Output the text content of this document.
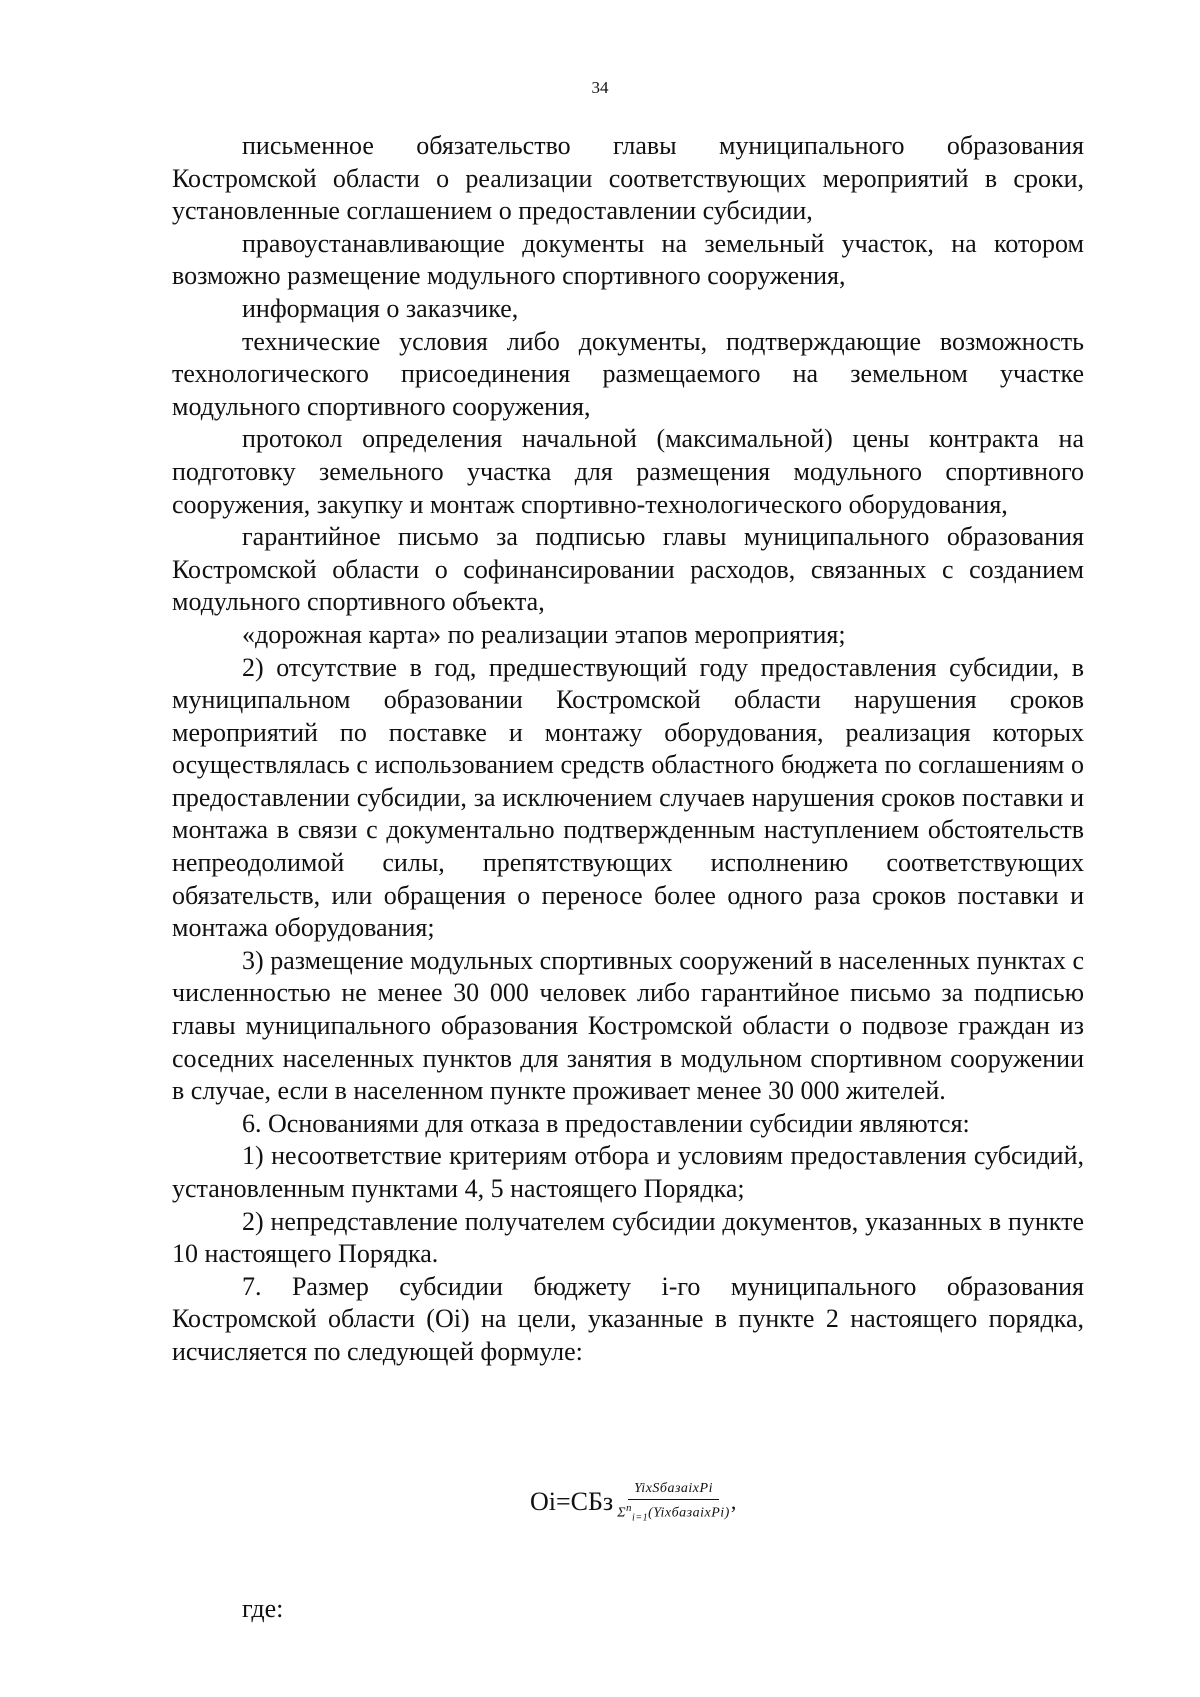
34

письменное обязательство главы муниципального образования Костромской области о реализации соответствующих мероприятий в сроки, установленные соглашением о предоставлении субсидии,

правоустанавливающие документы на земельный участок, на котором возможно размещение модульного спортивного сооружения,

информация о заказчике,

технические условия либо документы, подтверждающие возможность технологического присоединения размещаемого на земельном участке модульного спортивного сооружения,

протокол определения начальной (максимальной) цены контракта на подготовку земельного участка для размещения модульного спортивного сооружения, закупку и монтаж спортивно-технологического оборудования,

гарантийное письмо за подписью главы муниципального образования Костромской области о софинансировании расходов, связанных с созданием модульного спортивного объекта,

«дорожная карта» по реализации этапов мероприятия;

2) отсутствие в год, предшествующий году предоставления субсидии, в муниципальном образовании Костромской области нарушения сроков мероприятий по поставке и монтажу оборудования, реализация которых осуществлялась с использованием средств областного бюджета по соглашениям о предоставлении субсидии, за исключением случаев нарушения сроков поставки и монтажа в связи с документально подтвержденным наступлением обстоятельств непреодолимой силы, препятствующих исполнению соответствующих обязательств, или обращения о переносе более одного раза сроков поставки и монтажа оборудования;

3) размещение модульных спортивных сооружений в населенных пунктах с численностью не менее 30 000 человек либо гарантийное письмо за подписью главы муниципального образования Костромской области о подвозе граждан из соседних населенных пунктов для занятия в модульном спортивном сооружении в случае, если в населенном пункте проживает менее 30 000 жителей.

6. Основаниями для отказа в предоставлении субсидии являются:

1) несоответствие критериям отбора и условиям предоставления субсидий, установленным пунктами 4, 5 настоящего Порядка;

2) непредставление получателем субсидии документов, указанных в пункте 10 настоящего Порядка.

7. Размер субсидии бюджету i-го муниципального образования Костромской области (Oi) на цели, указанные в пункте 2 настоящего порядка, исчисляется по следующей формуле:

$Oi=СБз \frac{\text{YixSбазaixPi}}{\Sigma^n_{i=1}(YixбазaixPi)}$ ,
где:
